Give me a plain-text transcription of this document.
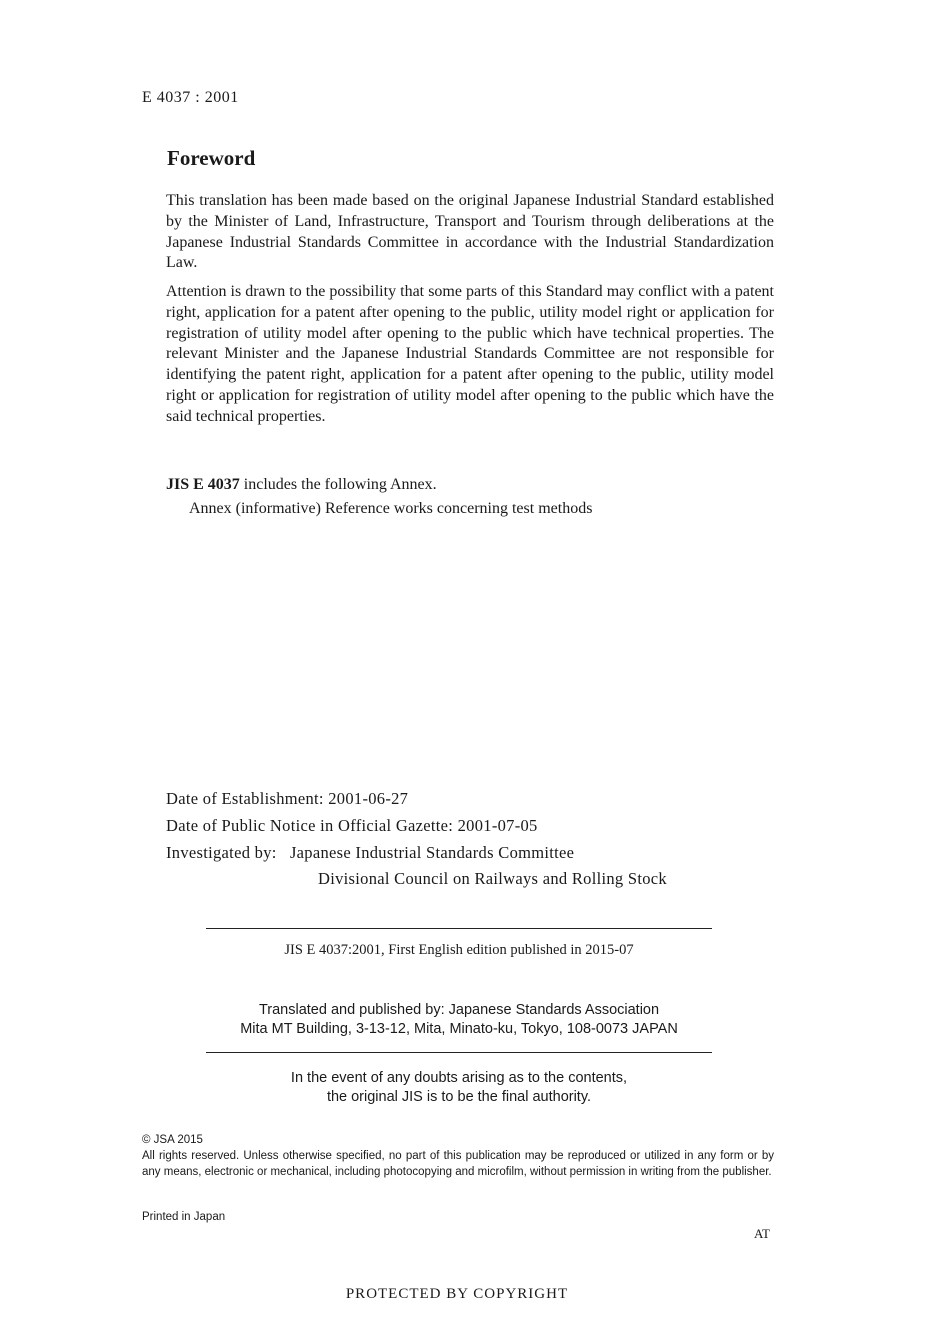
E 4037 : 2001
Foreword
This translation has been made based on the original Japanese Industrial Standard established by the Minister of Land, Infrastructure, Transport and Tourism through deliberations at the Japanese Industrial Standards Committee in accordance with the Industrial Standardization Law.
Attention is drawn to the possibility that some parts of this Standard may conflict with a patent right, application for a patent after opening to the public, utility model right or application for registration of utility model after opening to the public which have technical properties. The relevant Minister and the Japanese Industrial Standards Committee are not responsible for identifying the patent right, application for a patent after opening to the public, utility model right or application for registration of utility model after opening to the public which have the said technical properties.
JIS E 4037 includes the following Annex.
Annex (informative) Reference works concerning test methods
Date of Establishment: 2001-06-27
Date of Public Notice in Official Gazette: 2001-07-05
Investigated by: Japanese Industrial Standards Committee
Divisional Council on Railways and Rolling Stock
JIS E 4037:2001, First English edition published in 2015-07
Translated and published by: Japanese Standards Association
Mita MT Building, 3-13-12, Mita, Minato-ku, Tokyo, 108-0073 JAPAN
In the event of any doubts arising as to the contents,
the original JIS is to be the final authority.
© JSA 2015
All rights reserved. Unless otherwise specified, no part of this publication may be reproduced or utilized in any form or by any means, electronic or mechanical, including photocopying and microfilm, without permission in writing from the publisher.
Printed in Japan
AT
PROTECTED BY COPYRIGHT
